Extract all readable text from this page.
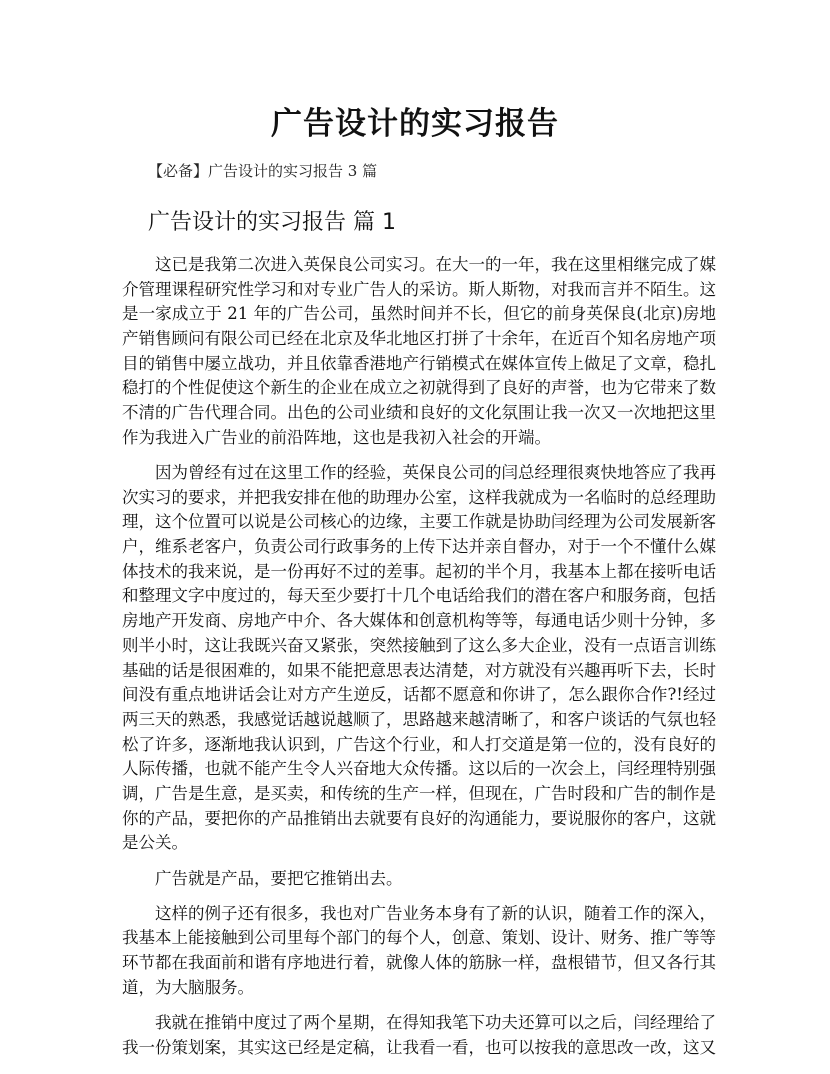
广告设计的实习报告
【必备】广告设计的实习报告 3 篇
广告设计的实习报告 篇 1
这已是我第二次进入英保良公司实习。在大一的一年，我在这里相继完成了媒
介管理课程研究性学习和对专业广告人的采访。斯人斯物，对我而言并不陌生。这
是一家成立于 21 年的广告公司，虽然时间并不长，但它的前身英保良(北京)房地
产销售顾问有限公司已经在北京及华北地区打拼了十余年，在近百个知名房地产项
目的销售中屡立战功，并且依靠香港地产行销模式在媒体宣传上做足了文章，稳扎
稳打的个性促使这个新生的企业在成立之初就得到了良好的声誉，也为它带来了数
不清的广告代理合同。出色的公司业绩和良好的文化氛围让我一次又一次地把这里
作为我进入广告业的前沿阵地，这也是我初入社会的开端。
因为曾经有过在这里工作的经验，英保良公司的闫总经理很爽快地答应了我再
次实习的要求，并把我安排在他的助理办公室，这样我就成为一名临时的总经理助
理，这个位置可以说是公司核心的边缘，主要工作就是协助闫经理为公司发展新客
户，维系老客户，负责公司行政事务的上传下达并亲自督办，对于一个不懂什么媒
体技术的我来说，是一份再好不过的差事。起初的半个月，我基本上都在接听电话
和整理文字中度过的，每天至少要打十几个电话给我们的潜在客户和服务商，包括
房地产开发商、房地产中介、各大媒体和创意机构等等，每通电话少则十分钟，多
则半小时，这让我既兴奋又紧张，突然接触到了这么多大企业，没有一点语言训练
基础的话是很困难的，如果不能把意思表达清楚，对方就没有兴趣再听下去，长时
间没有重点地讲话会让对方产生逆反，话都不愿意和你讲了，怎么跟你合作?!经过
两三天的熟悉，我感觉话越说越顺了，思路越来越清晰了，和客户谈话的气氛也轻
松了许多，逐渐地我认识到，广告这个行业，和人打交道是第一位的，没有良好的
人际传播，也就不能产生令人兴奋地大众传播。这以后的一次会上，闫经理特别强
调，广告是生意，是买卖，和传统的生产一样，但现在，广告时段和广告的制作是
你的产品，要把你的产品推销出去就要有良好的沟通能力，要说服你的客户，这就
是公关。
广告就是产品，要把它推销出去。
这样的例子还有很多，我也对广告业务本身有了新的认识，随着工作的深入，
我基本上能接触到公司里每个部门的每个人，创意、策划、设计、财务、推广等等
环节都在我面前和谐有序地进行着，就像人体的筋脉一样，盘根错节，但又各行其
道，为大脑服务。
我就在推销中度过了两个星期，在得知我笔下功夫还算可以之后，闫经理给了
我一份策划案，其实这已经是定稿，让我看一看，也可以按我的意思改一改，这又
